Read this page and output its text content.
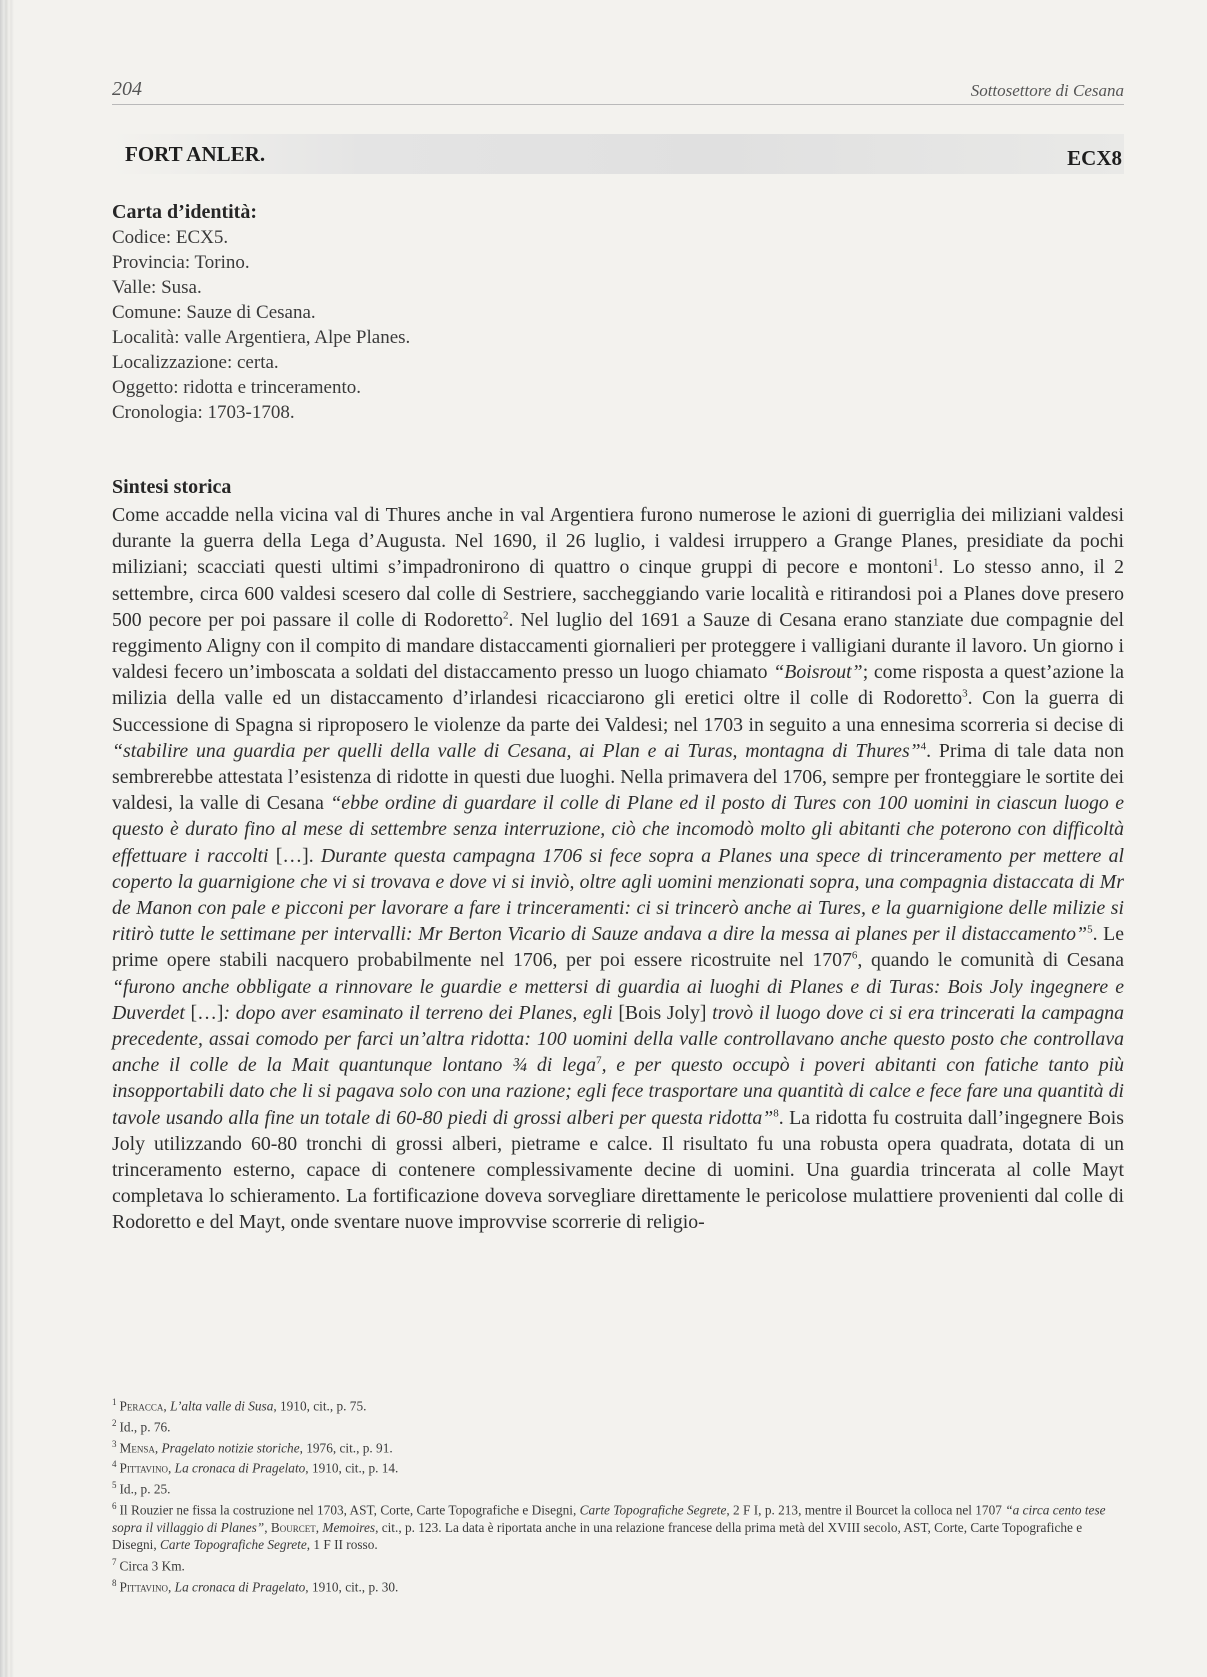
204	Sottosettore di Cesana
FORT ANLER.	ECX8
Carta d’identità:
Codice: ECX5.
Provincia: Torino.
Valle: Susa.
Comune: Sauze di Cesana.
Località: valle Argentiera, Alpe Planes.
Localizzazione: certa.
Oggetto: ridotta e trinceramento.
Cronologia: 1703-1708.
Sintesi storica

Come accadde nella vicina val di Thures anche in val Argentiera furono numerose le azioni di guerriglia dei miliziani valdesi durante la guerra della Lega d’Augusta. Nel 1690, il 26 luglio, i valdesi irruppero a Grange Planes, presidiate da pochi miliziani; scacciati questi ultimi s’impadronirono di quattro o cinque gruppi di pecore e montoni$^1$. Lo stesso anno, il 2 settembre, circa 600 valdesi scesero dal colle di Sestriere, saccheggiando varie località e ritirandosi poi a Planes dove presero 500 pecore per poi passare il colle di Rodoretto$^2$. Nel luglio del 1691 a Sauze di Cesana erano stanziate due compagnie del reggimento Aligny con il compito di mandare distaccamenti giornalieri per proteggere i valligiani durante il lavoro. Un giorno i valdesi fecero un’imboscata a soldati del distaccamento presso un luogo chiamato “Boisrout”; come risposta a quest’azione la milizia della valle ed un distaccamento d’irlandesi ricacciarono gli eretici oltre il colle di Rodoretto$^3$. Con la guerra di Successione di Spagna si riproposero le violenze da parte dei Valdesi; nel 1703 in seguito a una ennesima scorreria si decise di “stabilire una guardia per quelli della valle di Cesana, ai Plan e ai Turas, montagna di Thures”$^4$. Prima di tale data non sembrerebbe attestata l’esistenza di ridotte in questi due luoghi. Nella primavera del 1706, sempre per fronteggiare le sortite dei valdesi, la valle di Cesana “ebbe ordine di guardare il colle di Plane ed il posto di Tures con 100 uomini in ciascun luogo e questo è durato fino al mese di settembre senza interruzione, ciò che incomodò molto gli abitanti che poterono con difficoltà effettuare i raccolti […]. Durante questa campagna 1706 si fece sopra a Planes una spece di trinceramento per mettere al coperto la guarnigione che vi si trovava e dove vi si inviò, oltre agli uomini menzionati sopra, una compagnia distaccata di Mr de Manon con pale e picconi per lavorare a fare i trinceramenti: ci si trincerò anche ai Tures, e la guarnigione delle milizie si ritirò tutte le settimane per intervalli: Mr Berton Vicario di Sauze andava a dire la messa ai planes per il distaccamento”$^5$. Le prime opere stabili nacquero probabilmente nel 1706, per poi essere ricostruite nel 1707$^6$, quando le comunità di Cesana “furono anche obbligate a rinnovare le guardie e mettersi di guardia ai luoghi di Planes e di Turas: Bois Joly ingegnere e Duverdet […]: dopo aver esaminato il terreno dei Planes, egli [Bois Joly] trovò il luogo dove ci si era trincerati la campagna precedente, assai comodo per farci un’altra ridotta: 100 uomini della valle controllavano anche questo posto che controllava anche il colle de la Mait quantunque lontano ¾ di lega$^7$, e per questo occupò i poveri abitanti con fatiche tanto più insopportabili dato che li si pagava solo con una razione; egli fece trasportare una quantità di calce e fece fare una quantità di tavole usando alla fine un totale di 60-80 piedi di grossi alberi per questa ridotta”$^8$. La ridotta fu costruita dall’ingegnere Bois Joly utilizzando 60-80 tronchi di grossi alberi, pietrame e calce. Il risultato fu una robusta opera quadrata, dotata di un trinceramento esterno, capace di contenere complessivamente decine di uomini. Una guardia trincerata al colle Mayt completava lo schieramento. La fortificazione doveva sorvegliare direttamente le pericolose mulattiere provenienti dal colle di Rodoretto e del Mayt, onde sventare nuove improvvise scorrerie di religio-

$^1$ Peracca, L’alta valle di Susa, 1910, cit., p. 75.
$^2$ Id., p. 76.
$^3$ Mensa, Pragelato notizie storiche, 1976, cit., p. 91.
$^4$ Pittavino, La cronaca di Pragelato, 1910, cit., p. 14.
$^5$ Id., p. 25.
$^6$ Il Rouzier ne fissa la costruzione nel 1703, AST, Corte, Carte Topografiche e Disegni, Carte Topografiche Segrete, 2 F I, p. 213, mentre il Bourcet la colloca nel 1707 “a circa cento tese sopra il villaggio di Planes”, Bourcet, Memoires, cit., p. 123. La data è riportata anche in una relazione francese della prima metà del XVIII secolo, AST, Corte, Carte Topografiche e Disegni, Carte Topografiche Segrete, 1 F II rosso.
$^7$ Circa 3 Km.
$^8$ Pittavino, La cronaca di Pragelato, 1910, cit., p. 30.
